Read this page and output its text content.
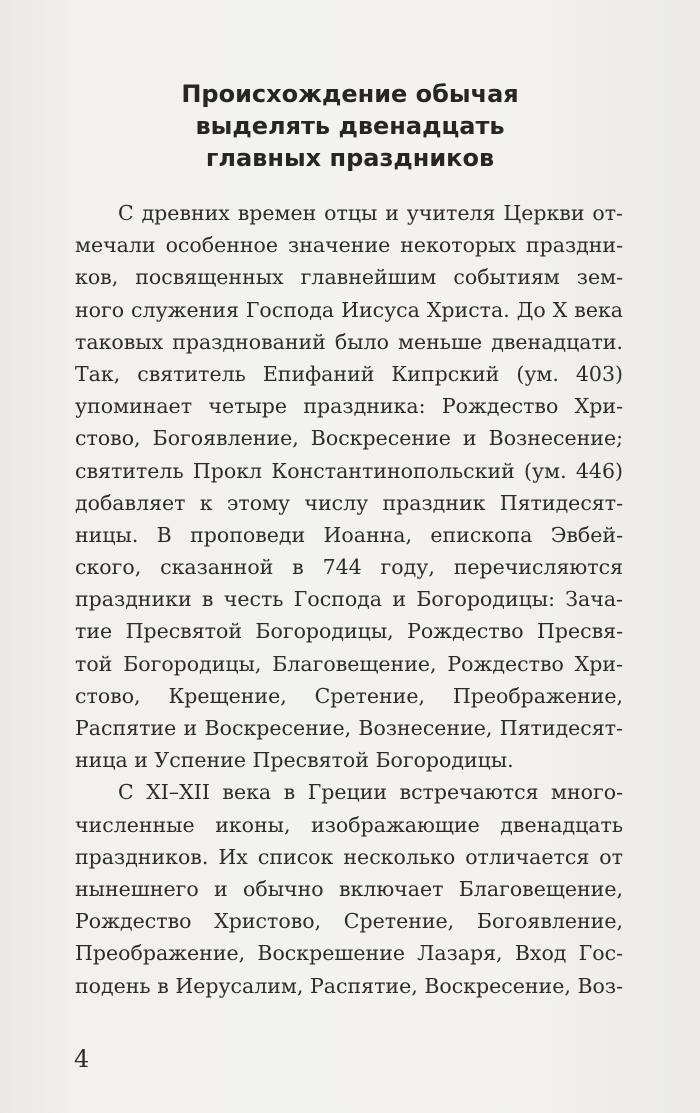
Происхождение обычая
выделять двенадцать
главных праздников
С древних времен отцы и учителя Церкви от-
мечали особенное значение некоторых праздни-
ков, посвященных главнейшим событиям зем-
ного служения Господа Иисуса Христа. До X века
таковых празднований было меньше двенадцати.
Так, святитель Епифаний Кипрский (ум. 403)
упоминает четыре праздника: Рождество Хри-
стово, Богоявление, Воскресение и Вознесение;
святитель Прокл Константинопольский (ум. 446)
добавляет к этому числу праздник Пятидесят-
ницы. В проповеди Иоанна, епископа Эвбей-
ского, сказанной в 744 году, перечисляются
праздники в честь Господа и Богородицы: Зача-
тие Пресвятой Богородицы, Рождество Пресвя-
той Богородицы, Благовещение, Рождество Хри-
стово, Крещение, Сретение, Преображение,
Распятие и Воскресение, Вознесение, Пятидесят-
ница и Успение Пресвятой Богородицы.
С XI–XII века в Греции встречаются много-
численные иконы, изображающие двенадцать
праздников. Их список несколько отличается от
нынешнего и обычно включает Благовещение,
Рождество Христово, Сретение, Богоявление,
Преображение, Воскрешение Лазаря, Вход Гос-
подень в Иерусалим, Распятие, Воскресение, Воз-
4
